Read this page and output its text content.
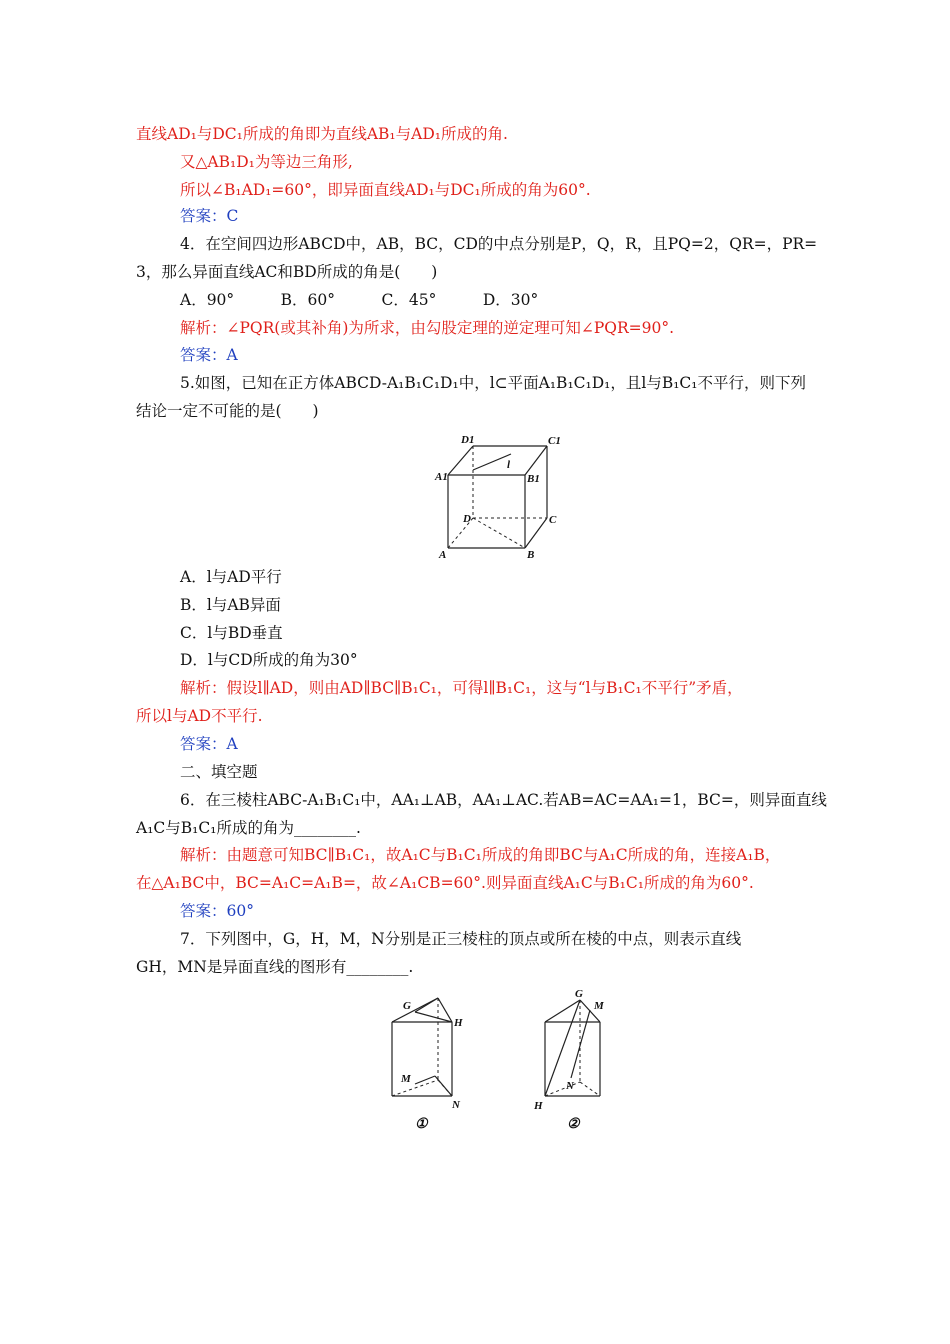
直线AD₁与DC₁所成的角即为直线AB₁与AD₁所成的角.
又△AB₁D₁为等边三角形,
所以∠B₁AD₁=60°，即异面直线AD₁与DC₁所成的角为60°.
答案：C
4．在空间四边形ABCD中，AB，BC，CD的中点分别是P，Q，R，且PQ=2，QR=，PR=
3，那么异面直线AC和BD所成的角是(　　)
A．90°　　　B．60°　　　C．45°　　　D．30°
解析：∠PQR(或其补角)为所求，由勾股定理的逆定理可知∠PQR=90°.
答案：A
5.如图，已知在正方体ABCD-A₁B₁C₁D₁中，l⊂平面A₁B₁C₁D₁，且l与B₁C₁不平行，则下列
结论一定不可能的是(　　)
D1	C1
l
A1	B1
D	C
A	B
A．l与AD平行
B．l与AB异面
C．l与BD垂直
D．l与CD所成的角为30°
解析：假设l∥AD，则由AD∥BC∥B₁C₁，可得l∥B₁C₁，这与“l与B₁C₁不平行”矛盾，
所以l与AD不平行.
答案：A
二、填空题
6．在三棱柱ABC-A₁B₁C₁中，AA₁⊥AB，AA₁⊥AC.若AB=AC=AA₁=1，BC=，则异面直线
A₁C与B₁C₁所成的角为________.
解析：由题意可知BC∥B₁C₁，故A₁C与B₁C₁所成的角即BC与A₁C所成的角，连接A₁B，
在△A₁BC中，BC=A₁C=A₁B=，故∠A₁CB=60°.则异面直线A₁C与B₁C₁所成的角为60°.
答案：60°
7．下列图中，G，H，M，N分别是正三棱柱的顶点或所在棱的中点，则表示直线
GH，MN是异面直线的图形有________.
G
H
M
N
G
M
N
H
①	②
